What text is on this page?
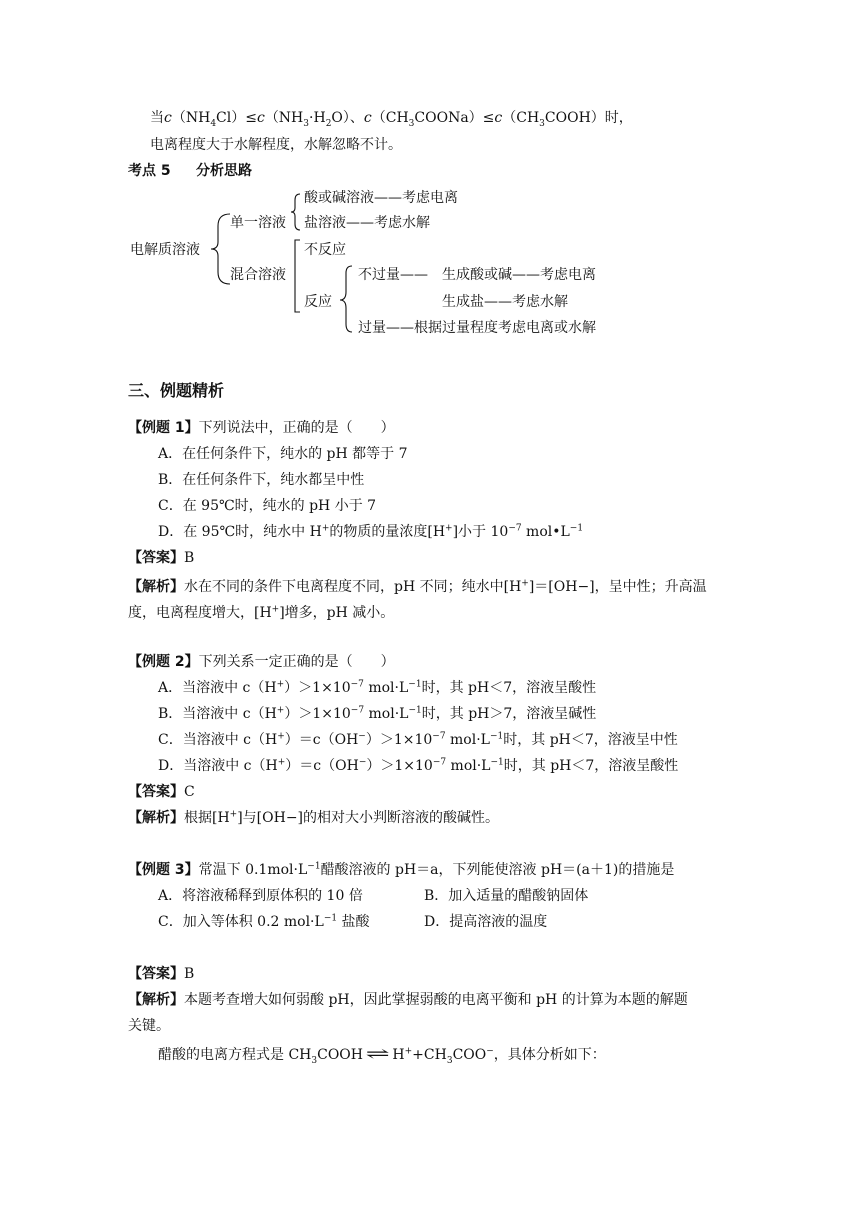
当$c(NH_4Cl)\le c(NH_3\cdot H_2O)$、$c(CH_3COONa)\le c(CH_3COOH)$时，
电离程度大于水解程度，水解忽略不计。
考点 5 分析思路
电解质溶液
单一溶液
酸或碱溶液——考虑电离
盐溶液——考虑水解
混合溶液
不反应
反应
不过量—— 生成酸或碱——考虑电离
生成盐——考虑水解
过量——根据过量程度考虑电离或水解
三、例题精析
【例题 1】下列说法中，正确的是（　　）
A．在任何条件下，纯水的 pH 都等于 7
B．在任何条件下，纯水都呈中性
C．在 95℃时，纯水的 pH 小于 7
D．在 95℃时，纯水中 H+的物质的量浓度[H+]小于 $10^{-7}$ $mol•L^{-1}$
【答案】B
【解析】水在不同的条件下电离程度不同，pH 不同；纯水中[H+]＝[OH−]，呈中性；升高温度，电离程度增大，[H+]增多，pH 减小。
【例题 2】下列关系一定正确的是（　　）
A．当溶液中 $c(H^+)>1\times 10^{-7}$ $mol\cdot L^{-1}$时，其 pH＜7，溶液呈酸性
B．当溶液中 $c(H^+)>1\times 10^{-7}$ $mol\cdot L^{-1}$时，其 pH＞7，溶液呈碱性
C．当溶液中 $c(H^+)=c(OH^-)>1\times 10^{-7}$ $mol\cdot L^{-1}$时，其 pH＜7，溶液呈中性
D．当溶液中 $c(H^+)=c(OH^-)>1\times 10^{-7}$ $mol\cdot L^{-1}$时，其 pH＜7，溶液呈酸性
【答案】C
【解析】根据[H+]与[OH−]的相对大小判断溶液的酸碱性。
【例题 3】常温下 $0.1mol\cdot L^{-1}$醋酸溶液的 pH＝a，下列能使溶液 pH＝(a＋1)的措施是
A．将溶液稀释到原体积的 10 倍	B．加入适量的醋酸钠固体
C．加入等体积 0.2 $mol\cdot L^{-1}$ 盐酸	D．提高溶液的温度
【答案】B
【解析】本题考查增大如何弱酸 pH，因此掌握弱酸的电离平衡和 pH 的计算为本题的解题
关键。
醋酸的电离方程式是 $CH_3COOH$ ⇌ $H^++CH_3COO^-$，具体分析如下：
